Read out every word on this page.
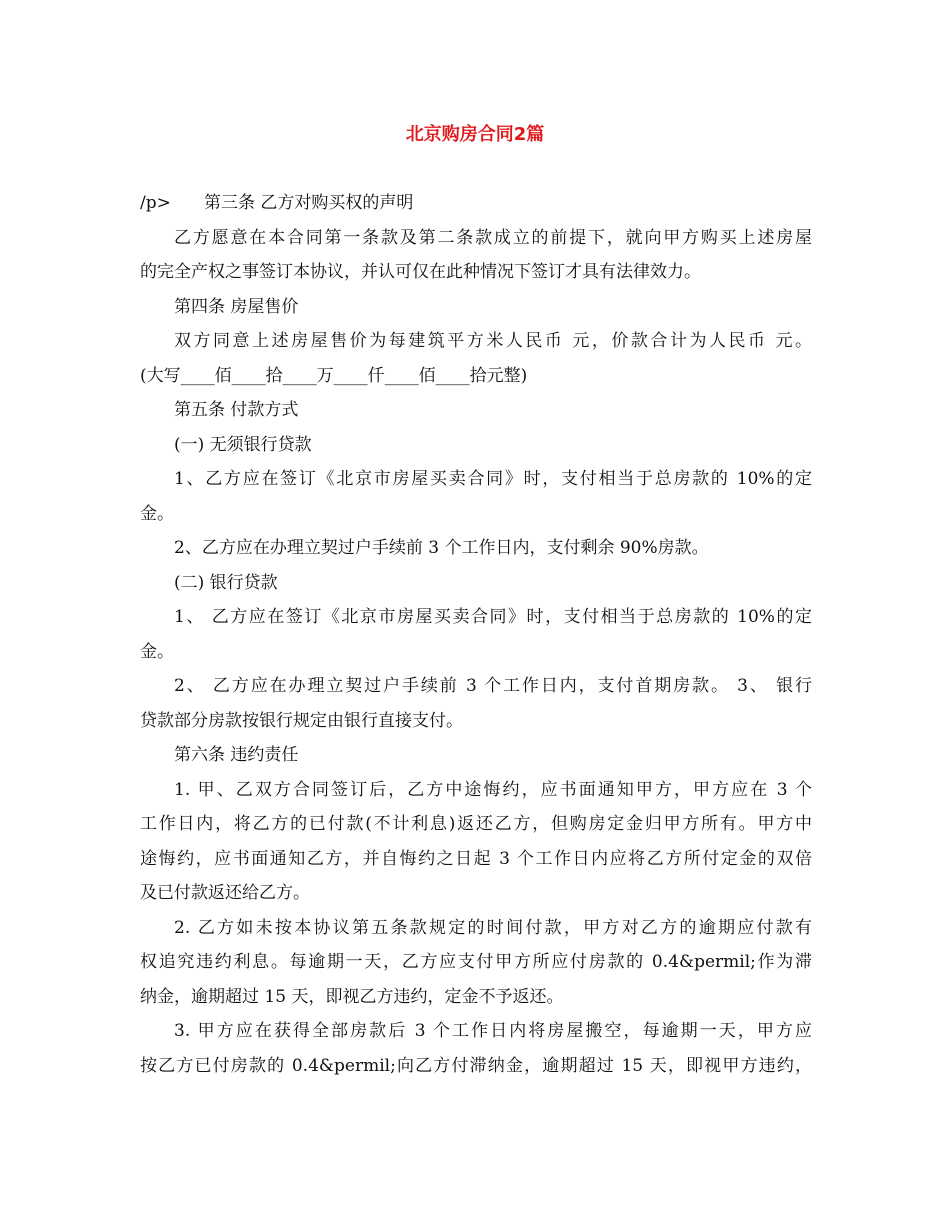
北京购房合同2篇
/p> 第三条 乙方对购买权的声明
乙方愿意在本合同第一条款及第二条款成立的前提下，就向甲方购买上述房屋
的完全产权之事签订本协议，并认可仅在此种情况下签订才具有法律效力。
第四条 房屋售价
双方同意上述房屋售价为每建筑平方米人民币 元，价款合计为人民币 元。
(大写____佰____拾____万____仟____佰____拾元整)
第五条 付款方式
(一) 无须银行贷款
1、乙方应在签订《北京市房屋买卖合同》时，支付相当于总房款的 10%的定
金。
2、乙方应在办理立契过户手续前 3 个工作日内，支付剩余 90%房款。
(二) 银行贷款
1、 乙方应在签订《北京市房屋买卖合同》时，支付相当于总房款的 10%的定
金。
2、 乙方应在办理立契过户手续前 3 个工作日内，支付首期房款。 3、 银行
贷款部分房款按银行规定由银行直接支付。
第六条 违约责任
1. 甲、乙双方合同签订后，乙方中途悔约，应书面通知甲方，甲方应在 3 个
工作日内，将乙方的已付款(不计利息)返还乙方，但购房定金归甲方所有。甲方中
途悔约，应书面通知乙方，并自悔约之日起 3 个工作日内应将乙方所付定金的双倍
及已付款返还给乙方。
2. 乙方如未按本协议第五条款规定的时间付款，甲方对乙方的逾期应付款有
权追究违约利息。每逾期一天，乙方应支付甲方所应付房款的 0.4&permil;作为滞
纳金，逾期超过 15 天，即视乙方违约，定金不予返还。
3. 甲方应在获得全部房款后 3 个工作日内将房屋搬空，每逾期一天，甲方应
按乙方已付房款的 0.4&permil;向乙方付滞纳金，逾期超过 15 天，即视甲方违约，
